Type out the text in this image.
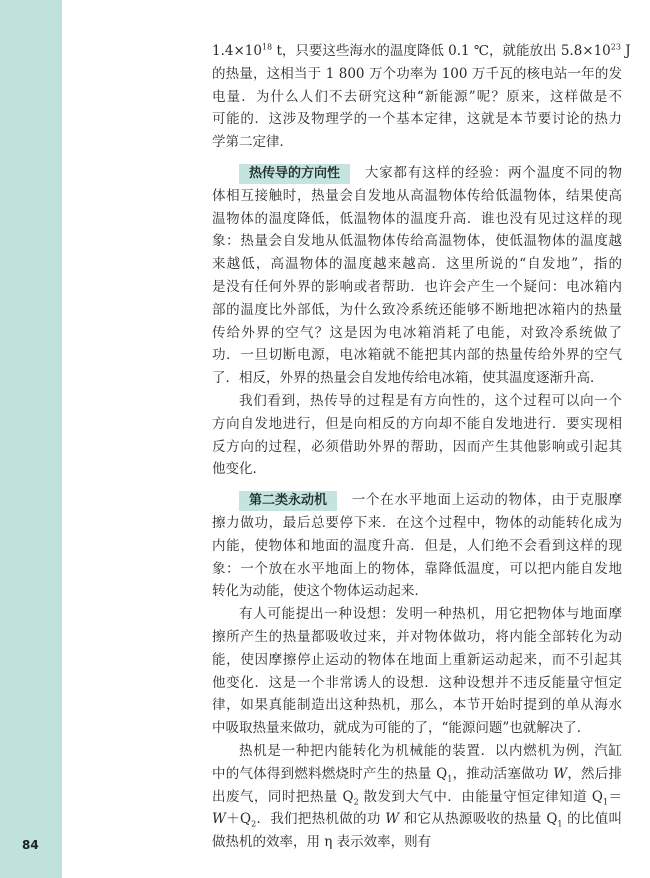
84
$1.4\times 10^{18}$ t，只要这些海水的温度降低 0.1 ℃，就能放出 $5.8\times 10^{23}$ J
的热量，这相当于 1 800 万个功率为 100 万千瓦的核电站一年的发
电量．为什么人们不去研究这种“新能源”呢？原来，这样做是不
可能的．这涉及物理学的一个基本定律，这就是本节要讨论的热力
学第二定律．
热传导的方向性 大家都有这样的经验：两个温度不同的物
体相互接触时，热量会自发地从高温物体传给低温物体，结果使高
温物体的温度降低，低温物体的温度升高．谁也没有见过这样的现
象：热量会自发地从低温物体传给高温物体，使低温物体的温度越
来越低，高温物体的温度越来越高．这里所说的“自发地”，指的
是没有任何外界的影响或者帮助．也许会产生一个疑问：电冰箱内
部的温度比外部低，为什么致冷系统还能够不断地把冰箱内的热量
传给外界的空气？这是因为电冰箱消耗了电能，对致冷系统做了
功．一旦切断电源，电冰箱就不能把其内部的热量传给外界的空气
了．相反，外界的热量会自发地传给电冰箱，使其温度逐渐升高．
我们看到，热传导的过程是有方向性的，这个过程可以向一个
方向自发地进行，但是向相反的方向却不能自发地进行．要实现相
反方向的过程，必须借助外界的帮助，因而产生其他影响或引起其
他变化．
第二类永动机 一个在水平地面上运动的物体，由于克服摩
擦力做功，最后总要停下来．在这个过程中，物体的动能转化成为
内能，使物体和地面的温度升高．但是，人们绝不会看到这样的现
象：一个放在水平地面上的物体，靠降低温度，可以把内能自发地
转化为动能，使这个物体运动起来．
有人可能提出一种设想：发明一种热机，用它把物体与地面摩
擦所产生的热量都吸收过来，并对物体做功，将内能全部转化为动
能，使因摩擦停止运动的物体在地面上重新运动起来，而不引起其
他变化．这是一个非常诱人的设想．这种设想并不违反能量守恒定
律，如果真能制造出这种热机，那么，本节开始时提到的单从海水
中吸取热量来做功，就成为可能的了，“能源问题”也就解决了．
热机是一种把内能转化为机械能的装置．以内燃机为例，汽缸
中的气体得到燃料燃烧时产生的热量 $Q_1$，推动活塞做功 W，然后排
出废气，同时把热量 $Q_2$ 散发到大气中．由能量守恒定律知道 $Q_1=$
$W+Q_2$．我们把热机做的功 W 和它从热源吸收的热量 $Q_1$ 的比值叫
做热机的效率，用 η 表示效率，则有
